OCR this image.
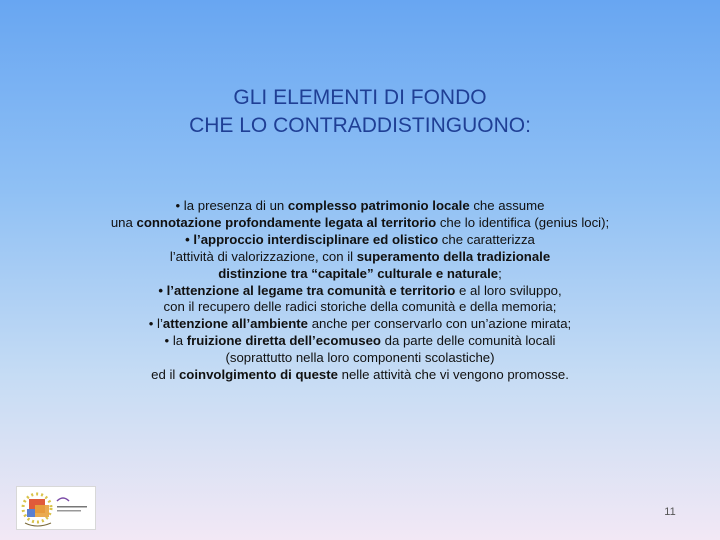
GLI ELEMENTI DI FONDO
CHE LO CONTRADDISTINGUONO:
• la presenza di un complesso patrimonio locale che assume
una connotazione profondamente legata al territorio che lo identifica (genius loci);
• l’approccio interdisciplinare ed olistico che caratterizza
l’attività di valorizzazione, con il superamento della tradizionale
distinzione tra “capitale” culturale e naturale;
• l’attenzione al legame tra comunità e territorio e al loro sviluppo,
con il recupero delle radici storiche della comunità e della memoria;
• l’attenzione all’ambiente anche per conservarlo con un’azione mirata;
• la fruizione diretta dell’ecomuseo da parte delle comunità locali
(soprattutto nella loro componenti scolastiche)
ed il coinvolgimento di queste nelle attività che vi vengono promosse.
11
